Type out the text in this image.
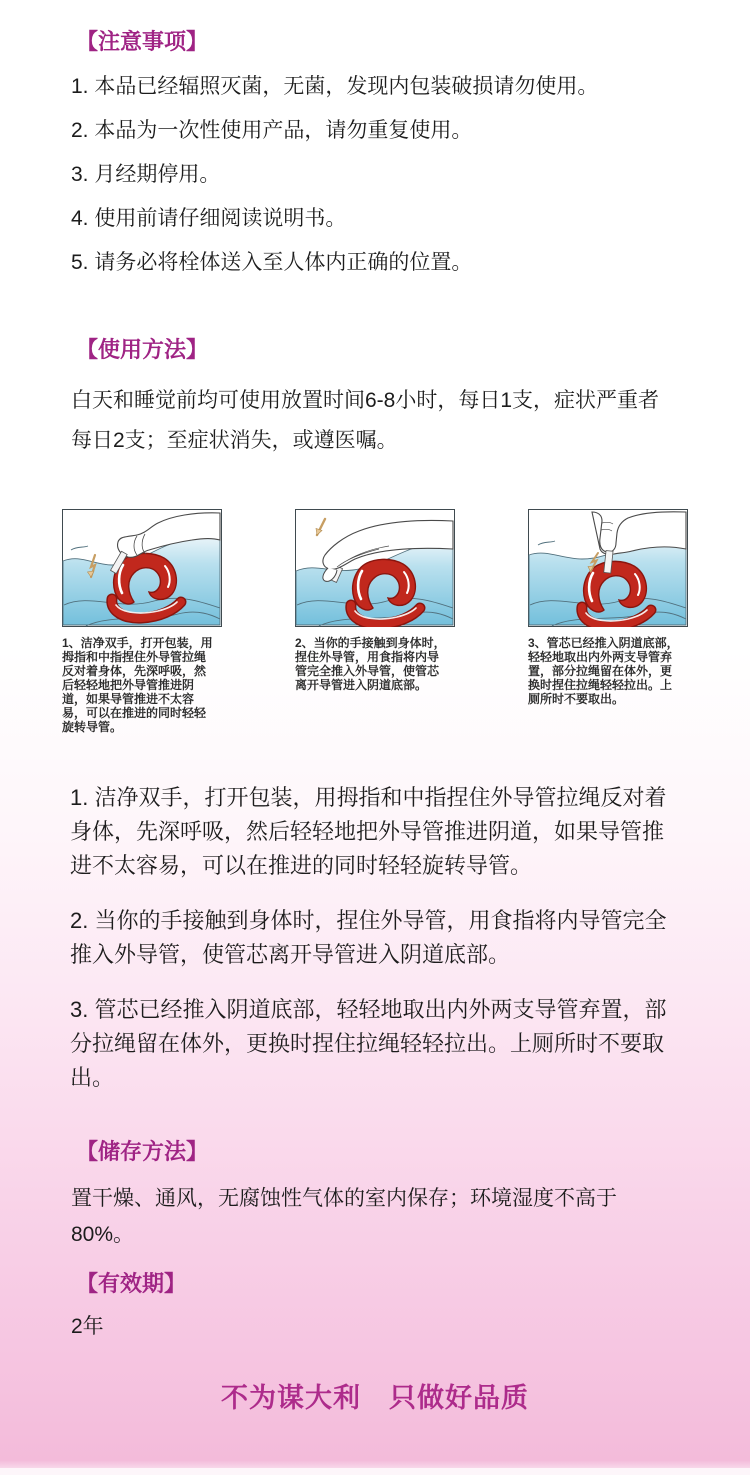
【注意事项】
1. 本品已经辐照灭菌，无菌，发现内包装破损请勿使用。
2. 本品为一次性使用产品，请勿重复使用。
3. 月经期停用。
4. 使用前请仔细阅读说明书。
5. 请务必将栓体送入至人体内正确的位置。
【使用方法】
白天和睡觉前均可使用放置时间6-8小时，每日1支，症状严重者每日2支；至症状消失，或遵医嘱。
1、洁净双手，打开包装，用拇指和中指捏住外导管拉绳反对着身体，先深呼吸，然后轻轻地把外导管推进阴道，如果导管推进不太容易，可以在推进的同时轻轻旋转导管。
2、当你的手接触到身体时，捏住外导管，用食指将内导管完全推入外导管，使管芯离开导管进入阴道底部。
3、管芯已经推入阴道底部，轻轻地取出内外两支导管弃置，部分拉绳留在体外，更换时捏住拉绳轻轻拉出。上厕所时不要取出。

1. 洁净双手，打开包装，用拇指和中指捏住外导管拉绳反对着身体，先深呼吸，然后轻轻地把外导管推进阴道，如果导管推进不太容易，可以在推进的同时轻轻旋转导管。

2. 当你的手接触到身体时，捏住外导管，用食指将内导管完全推入外导管，使管芯离开导管进入阴道底部。

3. 管芯已经推入阴道底部，轻轻地取出内外两支导管弃置，部分拉绳留在体外，更换时捏住拉绳轻轻拉出。上厕所时不要取出。

【储存方法】
置干燥、通风，无腐蚀性气体的室内保存；环境湿度不高于80%。
【有效期】
2年
不为谋大利　只做好品质
